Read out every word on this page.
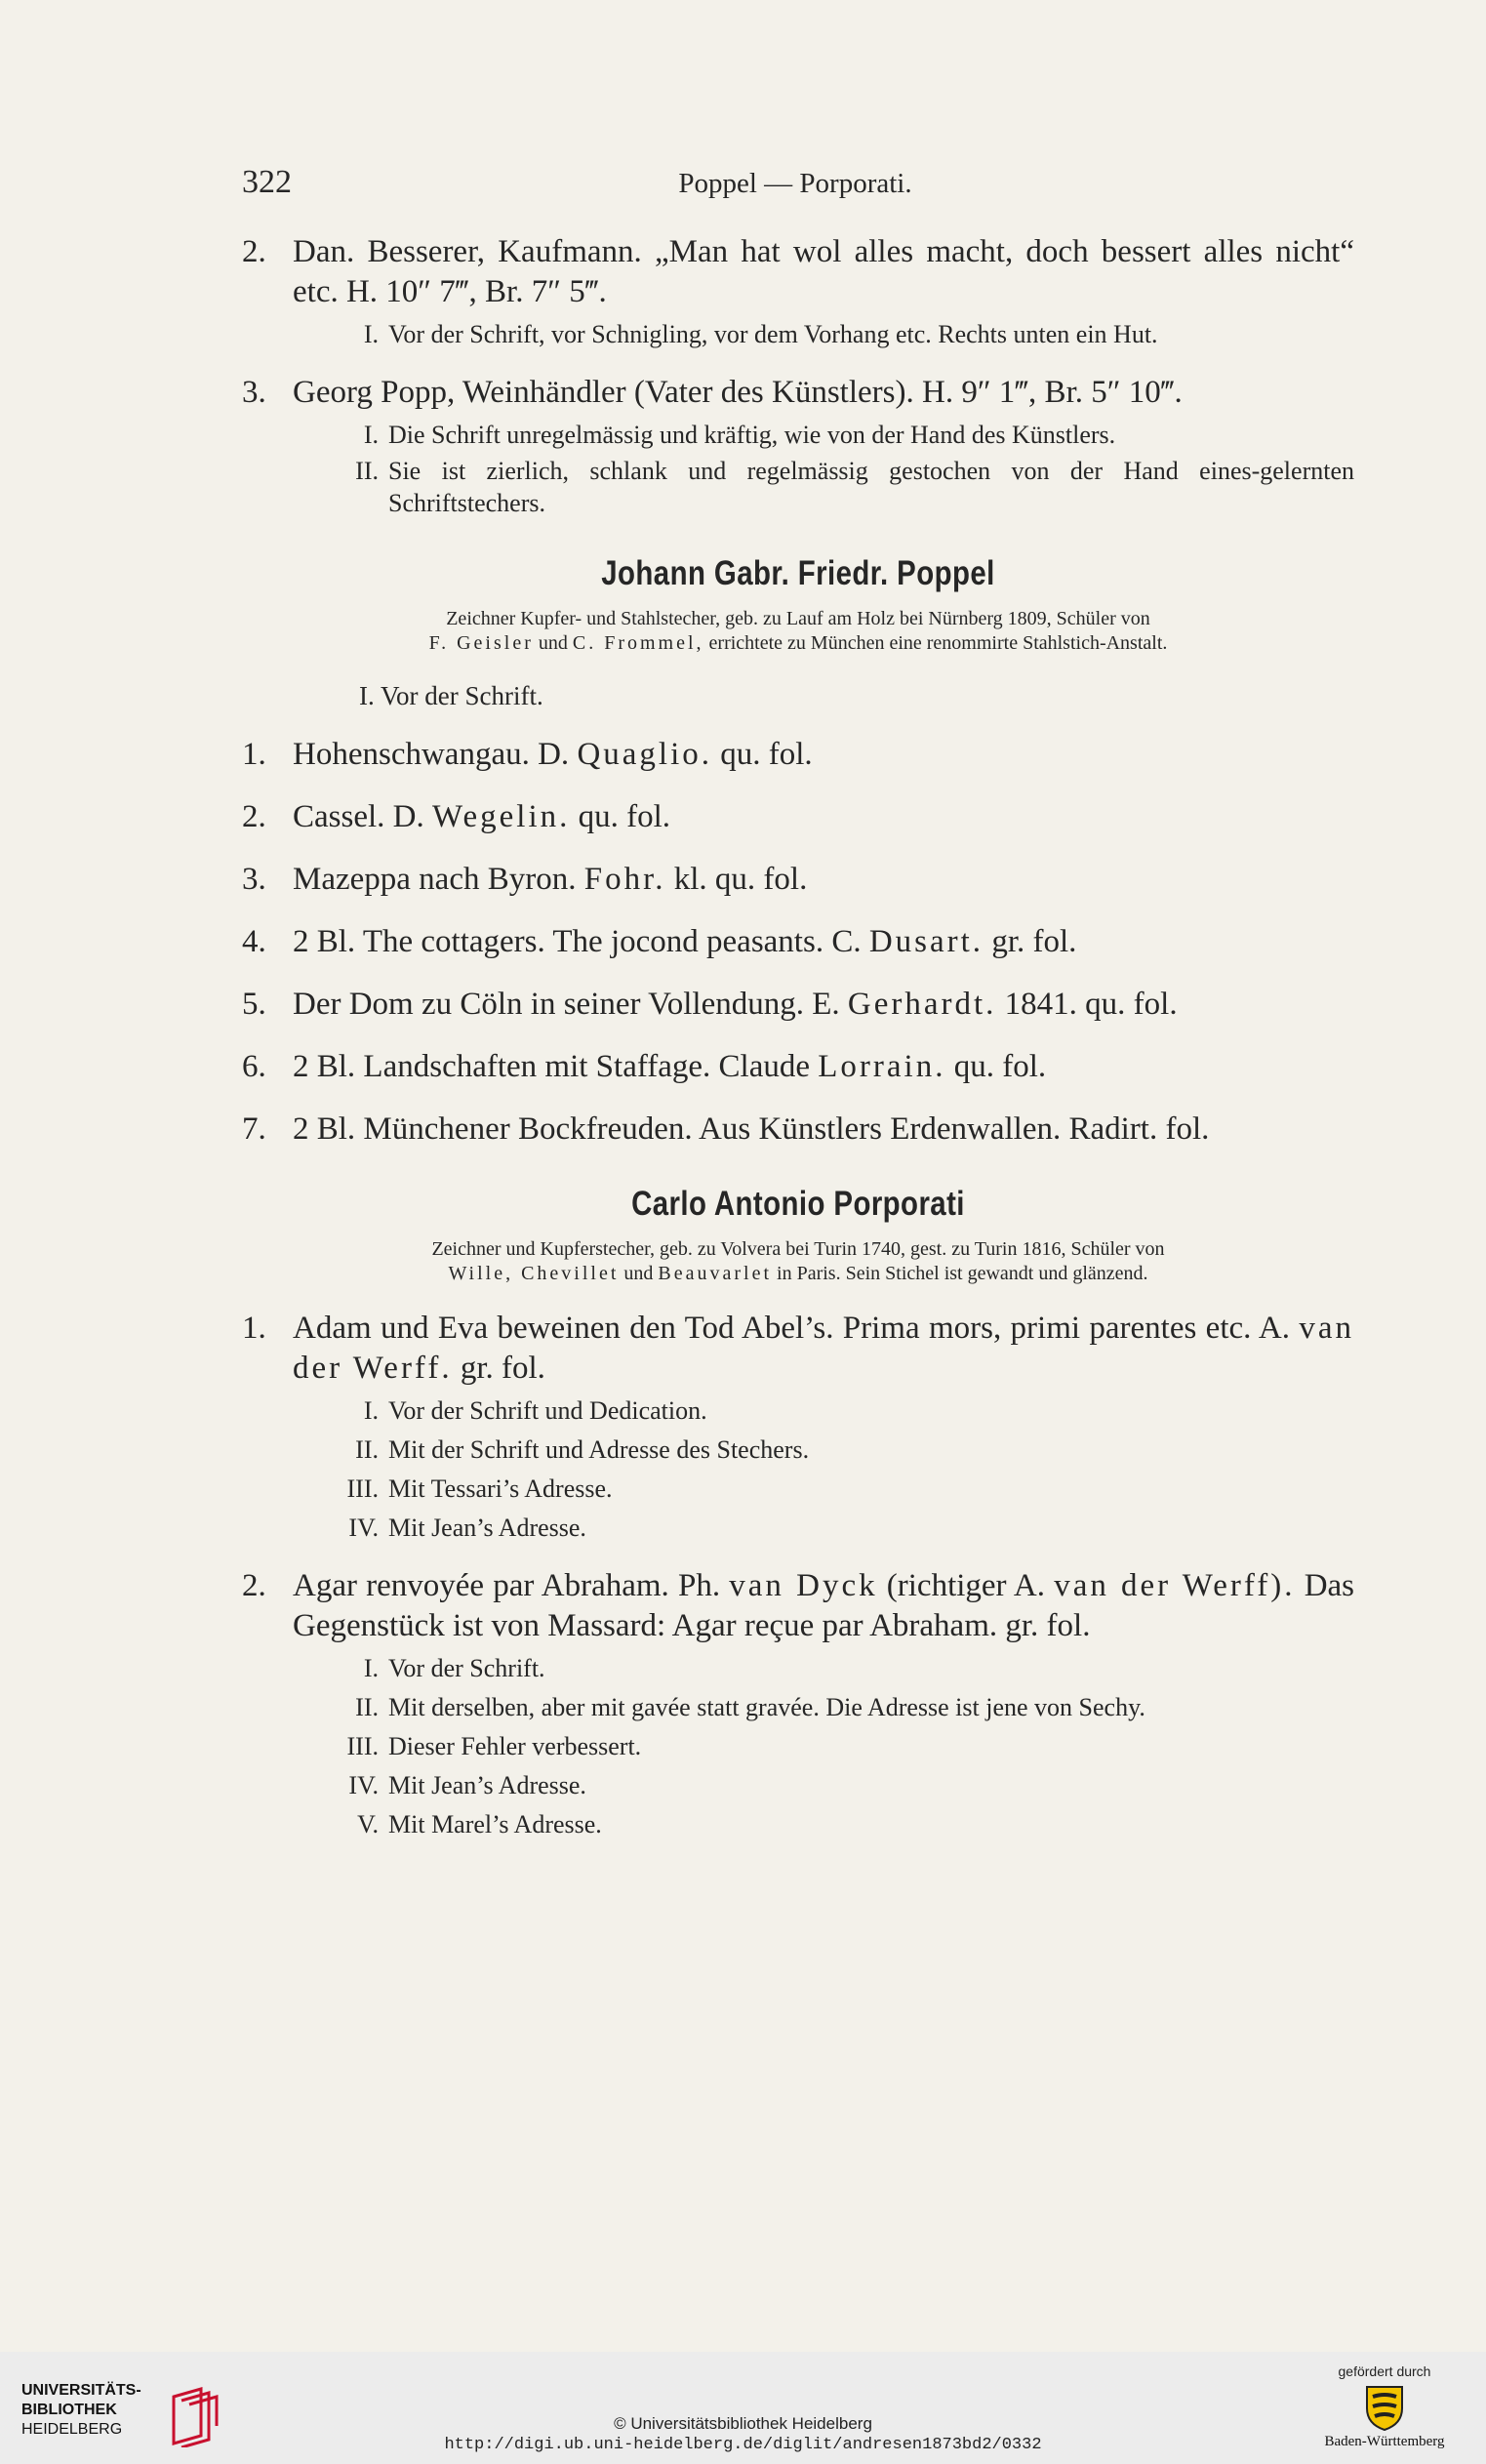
322	Poppel — Porporati.
2. Dan. Besserer, Kaufmann. „Man hat wol alles macht, doch bessert alles nicht“ etc. H. 10″ 7‴, Br. 7″ 5‴.
I. Vor der Schrift, vor Schnigling, vor dem Vorhang etc. Rechts unten ein Hut.
3. Georg Popp, Weinhändler (Vater des Künstlers). H. 9″ 1‴, Br. 5″ 10‴.
I. Die Schrift unregelmässig und kräftig, wie von der Hand des Künstlers.
II. Sie ist zierlich, schlank und regelmässig gestochen von der Hand eines-gelernten Schriftstechers.
Johann Gabr. Friedr. Poppel
Zeichner Kupfer- und Stahlstecher, geb. zu Lauf am Holz bei Nürnberg 1809, Schüler von
F. Geisler und C. Frommel, errichtete zu München eine renommirte Stahlstich-Anstalt.
I. Vor der Schrift.
1. Hohenschwangau. D. Quaglio. qu. fol.
2. Cassel. D. Wegelin. qu. fol.
3. Mazeppa nach Byron. Fohr. kl. qu. fol.
4. 2 Bl. The cottagers. The jocond peasants. C. Dusart. gr. fol.
5. Der Dom zu Cöln in seiner Vollendung. E. Gerhardt. 1841. qu. fol.
6. 2 Bl. Landschaften mit Staffage. Claude Lorrain. qu. fol.
7. 2 Bl. Münchener Bockfreuden. Aus Künstlers Erdenwallen. Radirt. fol.
Carlo Antonio Porporati
Zeichner und Kupferstecher, geb. zu Volvera bei Turin 1740, gest. zu Turin 1816, Schüler von
Wille, Chevillet und Beauvarlet in Paris. Sein Stichel ist gewandt und glänzend.
1. Adam und Eva beweinen den Tod Abel’s. Prima mors, primi parentes etc. A. van der Werff. gr. fol.
I. Vor der Schrift und Dedication.
II. Mit der Schrift und Adresse des Stechers.
III. Mit Tessari’s Adresse.
IV. Mit Jean’s Adresse.
2. Agar renvoyée par Abraham. Ph. van Dyck (richtiger A. van der Werff). Das Gegenstück ist von Massard: Agar reçue par Abraham. gr. fol.
I. Vor der Schrift.
II. Mit derselben, aber mit gavée statt gravée. Die Adresse ist jene von Sechy.
III. Dieser Fehler verbessert.
IV. Mit Jean’s Adresse.
V. Mit Marel’s Adresse.
UNIVERSITÄTS-
BIBLIOTHEK
HEIDELBERG	© Universitätsbibliothek Heidelberg
http://digi.ub.uni-heidelberg.de/diglit/andresen1873bd2/0332
gefördert durch
Baden-Württemberg
